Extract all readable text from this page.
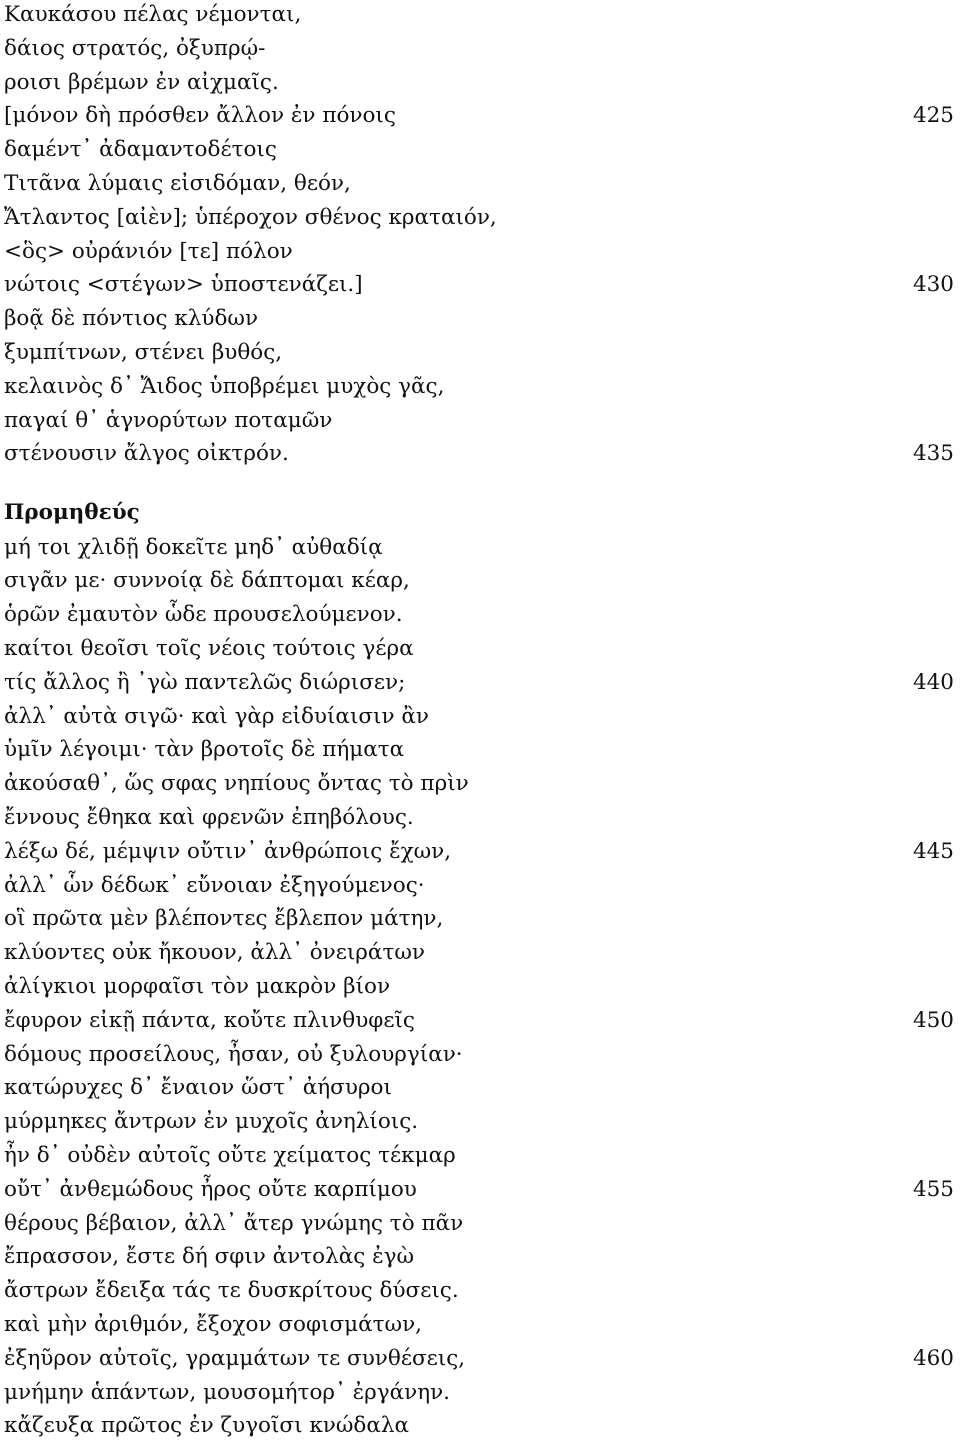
Καυκάσου πέλας νέμονται,
δάιος στρατός, ὀξυπρῴ-
ροισι βρέμων ἐν αἰχμαῖς.
[μόνον δὴ πρόσθεν ἄλλον ἐν πόνοις	425
δαμέντ᾽ ἀδαμαντοδέτοις
Τιτᾶνα λύμαις εἰσιδόμαν, θεόν,
Ἄτλαντος [αἰὲν]; ὑπέροχον σθένος κραταιόν,
<ὃς> οὐράνιόν [τε] πόλον
νώτοις <στέγων> ὑποστενάζει.]	430
βοᾷ δὲ πόντιος κλύδων
ξυμπίτνων, στένει βυθός,
κελαινὸς δ᾽ Ἄιδος ὑποβρέμει μυχὸς γᾶς,
παγαί θ᾽ ἁγνορύτων ποταμῶν
στένουσιν ἄλγος οἰκτρόν.	435
Προμηθεύς
μή τοι χλιδῇ δοκεῖτε μηδ᾽ αὐθαδίᾳ
σιγᾶν με· συννοίᾳ δὲ δάπτομαι κέαρ,
ὁρῶν ἐμαυτὸν ὧδε προυσελούμενον.
καίτοι θεοῖσι τοῖς νέοις τούτοις γέρα
τίς ἄλλος ἢ ᾽γὼ παντελῶς διώρισεν;	440
ἀλλ᾽ αὐτὰ σιγῶ· καὶ γὰρ εἰδυίαισιν ἂν
ὑμῖν λέγοιμι· τὰν βροτοῖς δὲ πήματα
ἀκούσαθ᾽, ὥς σφας νηπίους ὄντας τὸ πρὶν
ἔννους ἔθηκα καὶ φρενῶν ἐπηβόλους.
λέξω δέ, μέμψιν οὔτιν᾽ ἀνθρώποις ἔχων,	445
ἀλλ᾽ ὧν δέδωκ᾽ εὔνοιαν ἐξηγούμενος·
οἳ πρῶτα μὲν βλέποντες ἔβλεπον μάτην,
κλύοντες οὐκ ἤκουον, ἀλλ᾽ ὀνειράτων
ἀλίγκιοι μορφαῖσι τὸν μακρὸν βίον
ἔφυρον εἰκῇ πάντα, κοὔτε πλινθυφεῖς	450
δόμους προσείλους, ἦσαν, οὐ ξυλουργίαν·
κατώρυχες δ᾽ ἔναιον ὥστ᾽ ἀήσυροι
μύρμηκες ἄντρων ἐν μυχοῖς ἀνηλίοις.
ἦν δ᾽ οὐδὲν αὐτοῖς οὔτε χείματος τέκμαρ
οὔτ᾽ ἀνθεμώδους ἦρος οὔτε καρπίμου	455
θέρους βέβαιον, ἀλλ᾽ ἄτερ γνώμης τὸ πᾶν
ἔπρασσον, ἔστε δή σφιν ἀντολὰς ἐγὼ
ἄστρων ἔδειξα τάς τε δυσκρίτους δύσεις.
καὶ μὴν ἀριθμόν, ἔξοχον σοφισμάτων,
ἐξηῦρον αὐτοῖς, γραμμάτων τε συνθέσεις,	460
μνήμην ἁπάντων, μουσομήτορ᾽ ἐργάνην.
κἄζευξα πρῶτος ἐν ζυγοῖσι κνώδαλα
